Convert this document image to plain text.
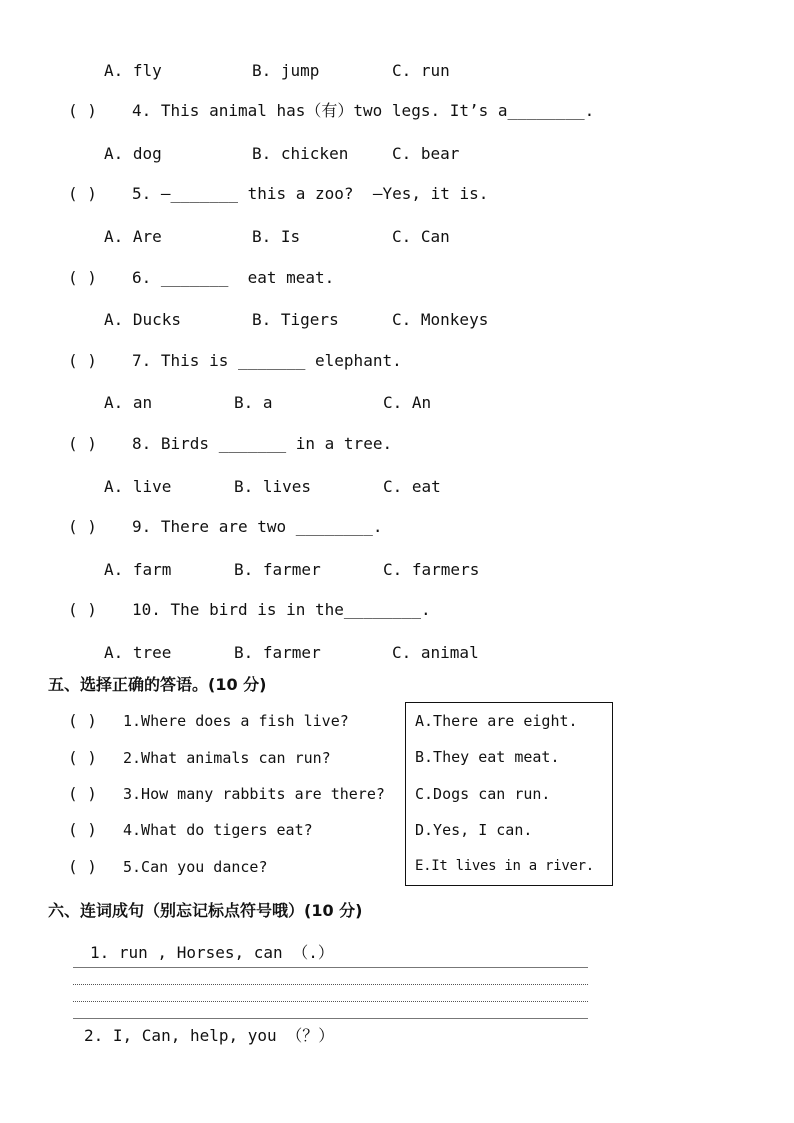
A. fly	B. jump	C. run
( ) 4. This animal has（有）two legs. It’s a________.
A. dog	B. chicken	C. bear
( ) 5. —_______ this a zoo?  —Yes, it is.
A. Are	B. Is	C. Can
( ) 6. _______  eat meat.
A. Ducks	B. Tigers	C. Monkeys
( ) 7. This is _______ elephant.
A. an	B. a	C. An
( ) 8. Birds _______ in a tree.
A. live	B. lives	C. eat
( ) 9. There are two ________.
A. farm	B. farmer	C. farmers
( ) 10. The bird is in the________.
A. tree	B. farmer	C. animal
五、选择正确的答语。(10 分)
( ) 1.Where does a fish live?
( ) 2.What animals can run?
( ) 3.How many rabbits are there?
( ) 4.What do tigers eat?
( ) 5.Can you dance?
A.There are eight.
B.They eat meat.
C.Dogs can run.
D.Yes, I can.
E.It lives in a river.
六、连词成句（别忘记标点符号哦）(10 分)
1. run , Horses, can （.）
2. I, Can, help, you （？）
